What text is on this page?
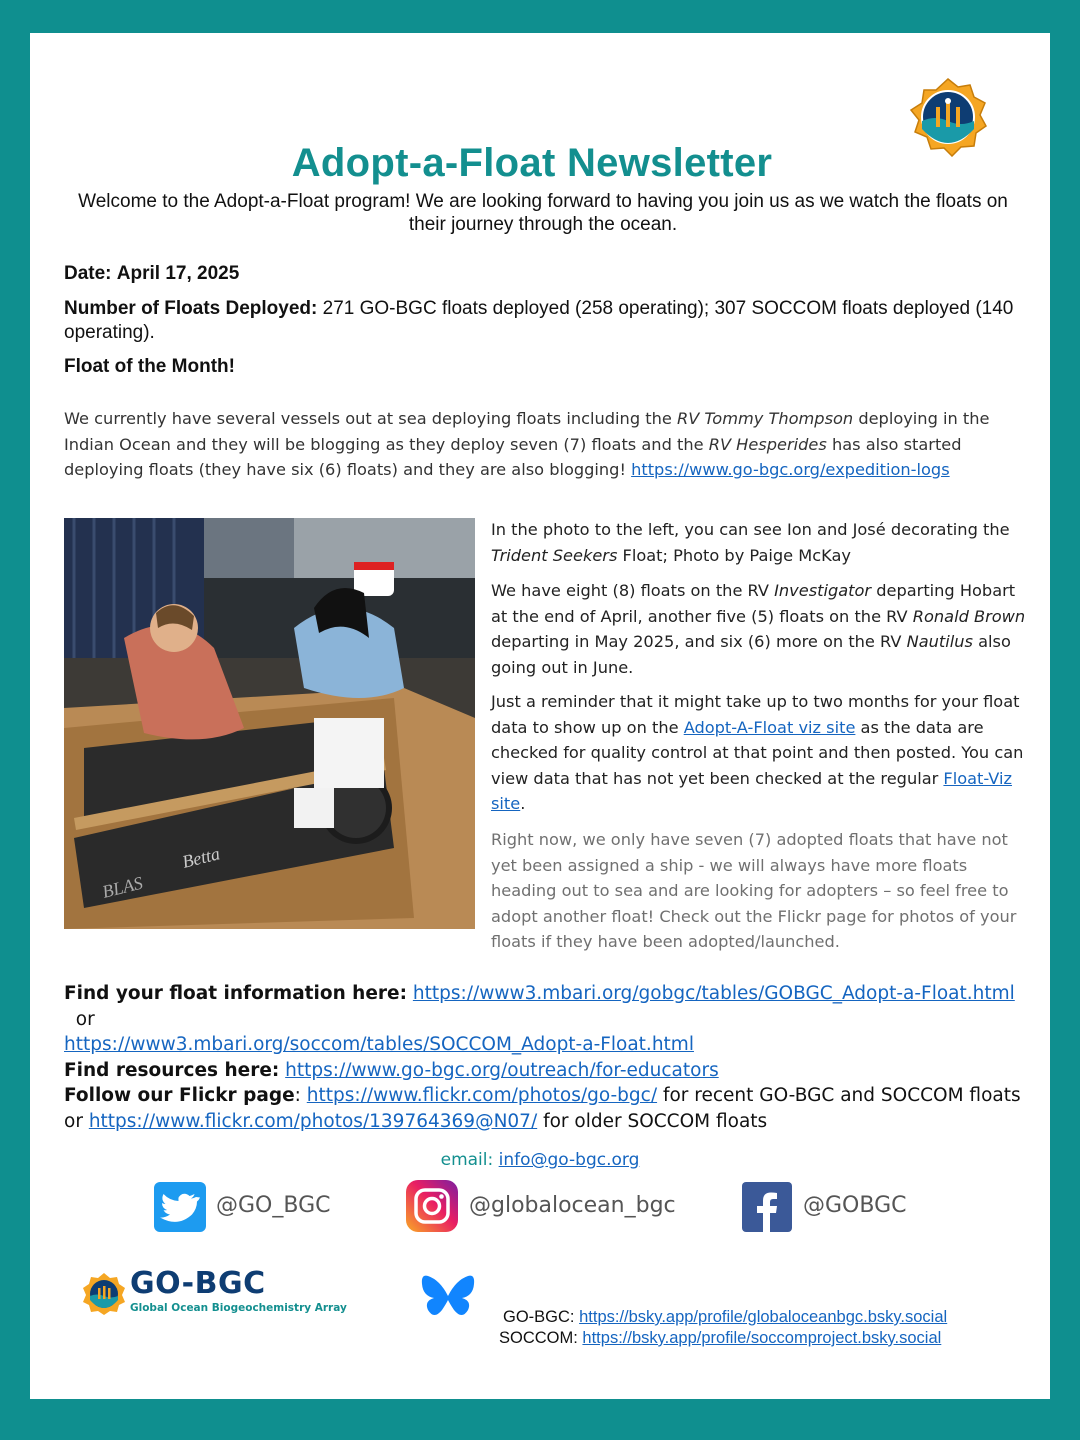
Adopt-a-Float Newsletter
Welcome to the Adopt-a-Float program! We are looking forward to having you join us as we watch the floats on their journey through the ocean.
Date: April 17, 2025
Number of Floats Deployed: 271 GO-BGC floats deployed (258 operating); 307 SOCCOM floats deployed (140 operating).
Float of the Month!
We currently have several vessels out at sea deploying floats including the RV Tommy Thompson deploying in the Indian Ocean and they will be blogging as they deploy seven (7) floats and the RV Hesperides has also started deploying floats (they have six (6) floats) and they are also blogging! https://www.go-bgc.org/expedition-logs
Betta
BLAS
In the photo to the left, you can see Ion and José decorating the Trident Seekers Float; Photo by Paige McKay
We have eight (8) floats on the RV Investigator departing Hobart at the end of April, another five (5) floats on the RV Ronald Brown departing in May 2025, and six (6) more on the RV Nautilus also going out in June.
Just a reminder that it might take up to two months for your float data to show up on the Adopt-A-Float viz site as the data are checked for quality control at that point and then posted. You can view data that has not yet been checked at the regular Float-Viz site.
Right now, we only have seven (7) adopted floats that have not yet been assigned a ship - we will always have more floats heading out to sea and are looking for adopters – so feel free to adopt another float! Check out the Flickr page for photos of your floats if they have been adopted/launched.
Find your float information here: https://www3.mbari.org/gobgc/tables/GOBGC_Adopt-a-Float.html  or
https://www3.mbari.org/soccom/tables/SOCCOM_Adopt-a-Float.html
Find resources here: https://www.go-bgc.org/outreach/for-educators
Follow our Flickr page: https://www.flickr.com/photos/go-bgc/ for recent GO-BGC and SOCCOM floats or https://www.flickr.com/photos/139764369@N07/ for older SOCCOM floats
email: info@go-bgc.org
@GO_BGC	@globalocean_bgc	@GOBGC
GO-BGC
Global Ocean Biogeochemistry Array	GO-BGC: https://bsky.app/profile/globaloceanbgc.bsky.social
SOCCOM: https://bsky.app/profile/soccomproject.bsky.social
